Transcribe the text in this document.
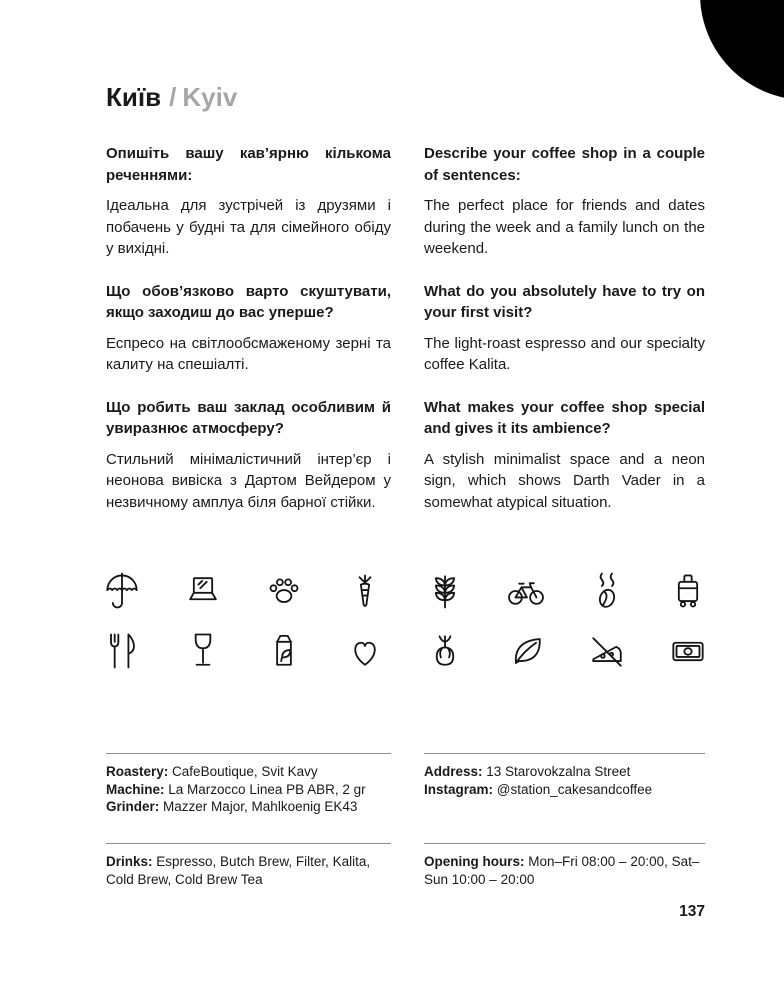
Київ / Kyiv

Опишіть вашу кав’ярню кількома реченнями:

Ідеальна для зустрічей із друзями і побачень у будні та для сімейного обіду у вихідні.

Що обов’язково варто скуштувати, якщо заходиш до вас уперше?

Еспресо на світлообсмаженому зерні та калиту на спешіалті.

Що робить ваш заклад особливим й увиразнює атмосферу?

Стильний мінімалістичний інтер’єр і неонова вивіска з Дартом Вейдером у незвичному амплуа біля барної стійки.

Describe your coffee shop in a couple of sentences:

The perfect place for friends and dates during the week and a family lunch on the weekend.

What do you absolutely have to try on your first visit?

The light-roast espresso and our specialty coffee Kalita.

What makes your coffee shop special and gives it its ambience?

A stylish minimalist space and a neon sign, which shows Darth Vader in a somewhat atypical situation.

Roastery: CafeBoutique, Svit Kavy
Machine: La Marzocco Linea PB ABR, 2 gr
Grinder: Mazzer Major, Mahlkoenig EK43
Address: 13 Starovokzalna Street
Instagram: @station_cakesandcoffee
Drinks: Espresso, Butch Brew, Filter, Kalita, Cold Brew, Cold Brew Tea
Opening hours: Mon–Fri 08:00 – 20:00, Sat–Sun 10:00 – 20:00
137
